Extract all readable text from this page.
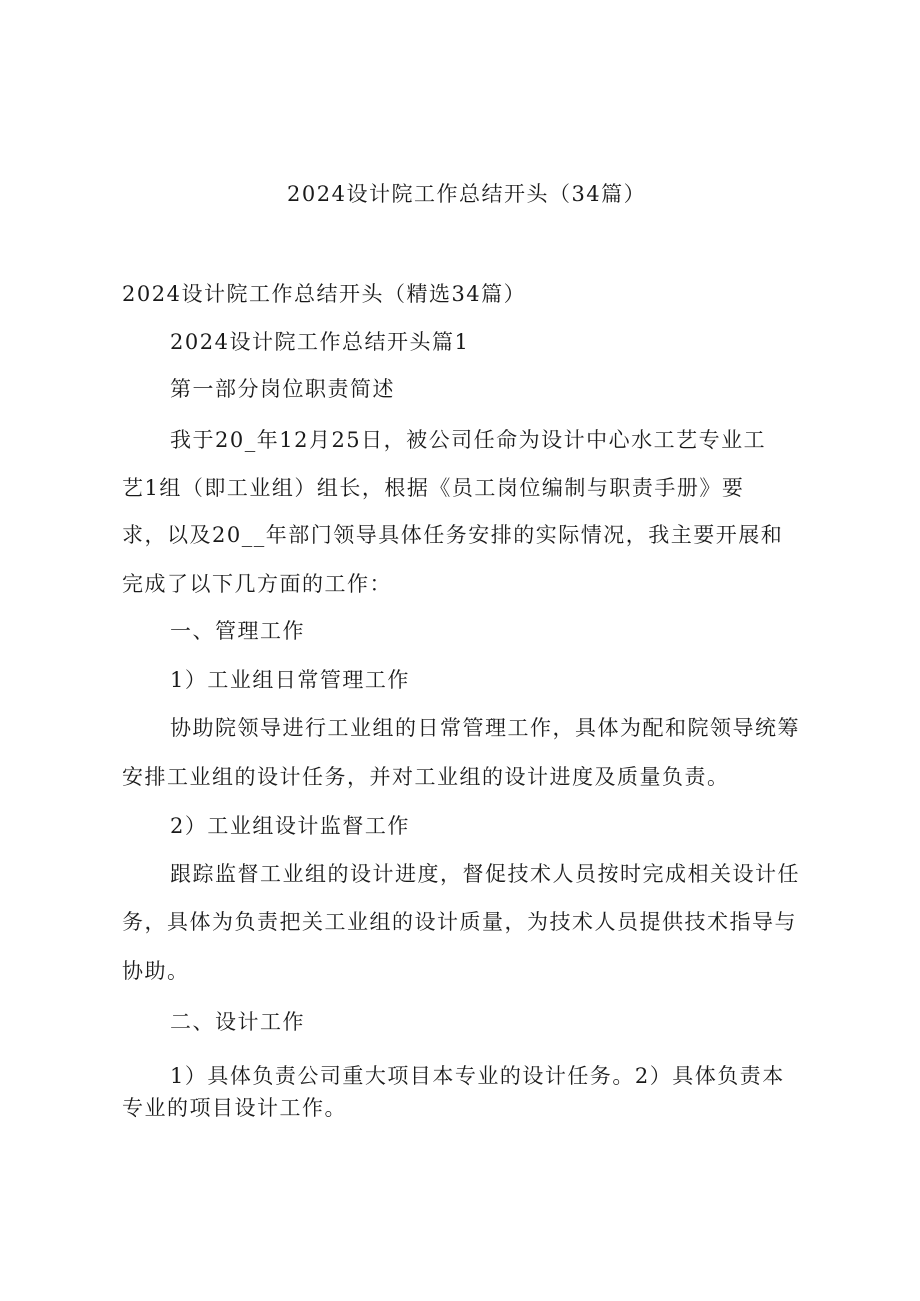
2024设计院工作总结开头（34篇）

2024设计院工作总结开头（精选34篇）

2024设计院工作总结开头篇1

第一部分岗位职责简述

我于20_年12月25日，被公司任命为设计中心水工艺专业工

艺1组（即工业组）组长，根据《员工岗位编制与职责手册》要

求，以及20__年部门领导具体任务安排的实际情况，我主要开展和

完成了以下几方面的工作：

一、管理工作

1）工业组日常管理工作

协助院领导进行工业组的日常管理工作，具体为配和院领导统筹

安排工业组的设计任务，并对工业组的设计进度及质量负责。

2）工业组设计监督工作

跟踪监督工业组的设计进度，督促技术人员按时完成相关设计任

务，具体为负责把关工业组的设计质量，为技术人员提供技术指导与

协助。

二、设计工作

1）具体负责公司重大项目本专业的设计任务。2）具体负责本

专业的项目设计工作。
